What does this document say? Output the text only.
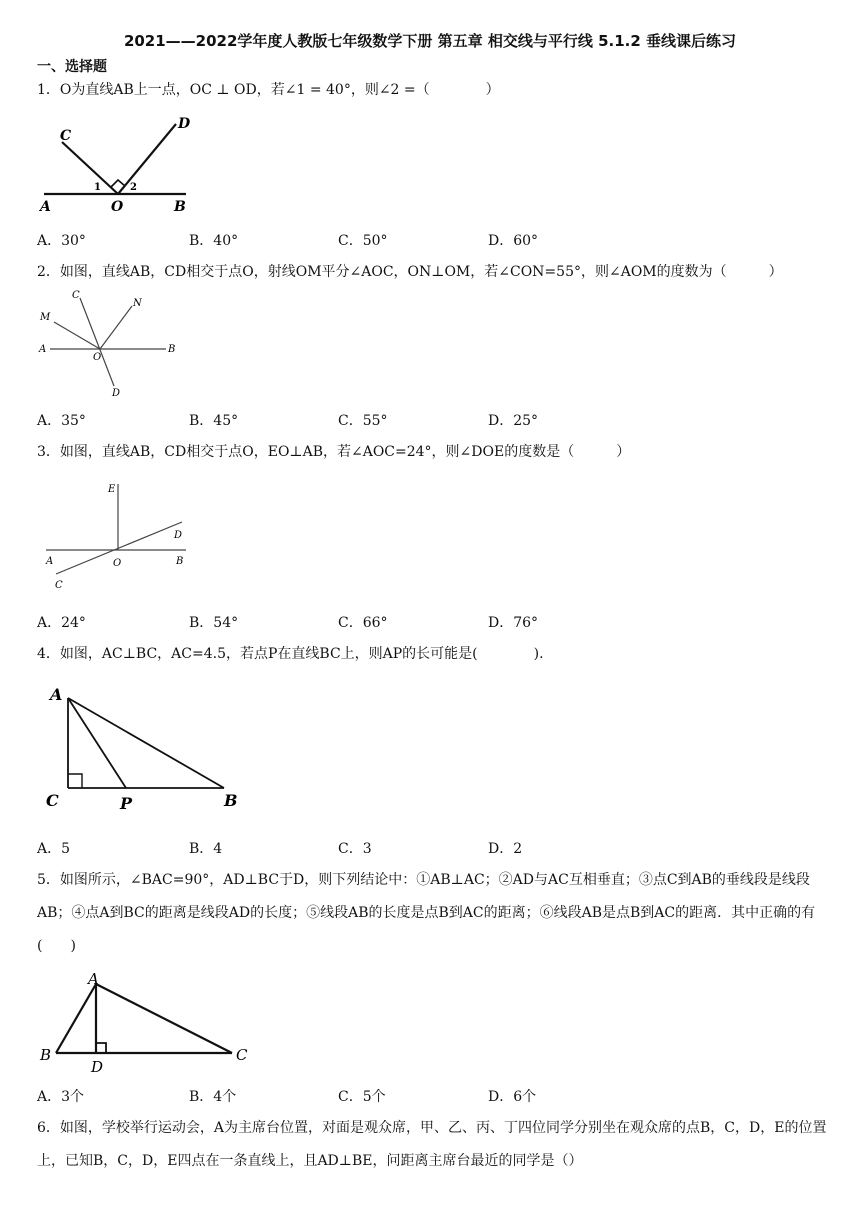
2021——2022学年度人教版七年级数学下册 第五章 相交线与平行线 5.1.2 垂线课后练习
一、选择题
1．O为直线AB上一点，OC ⊥ OD，若∠1 = 40°，则∠2 =（　　　　）
C
D
A	O	B
1	2
A．30°	B．40°	C．50°	D．60°
2．如图，直线AB，CD相交于点O，射线OM平分∠AOC，ON⊥OM，若∠CON=55°，则∠AOM的度数为（　　　）
C
N
M
A
O
B
D
A．35°	B．45°	C．55°	D．25°
3．如图，直线AB，CD相交于点O，EO⊥AB，若∠AOC=24°，则∠DOE的度数是（　　　）
E
D
A	O	B
C
A．24°	B．54°	C．66°	D．76°
4．如图，AC⊥BC，AC=4.5，若点P在直线BC上，则AP的长可能是(　　　　).
A
C	P	B
A．5	B．4	C．3	D．2
5．如图所示，∠BAC=90°，AD⊥BC于D，则下列结论中：①AB⊥AC；②AD与AC互相垂直；③点C到AB的垂线段是线段AB；④点A到BC的距离是线段AD的长度；⑤线段AB的长度是点B到AC的距离；⑥线段AB是点B到AC的距离．其中正确的有(　　)
A
B
D
C
A．3个	B．4个	C．5个	D．6个
6．如图，学校举行运动会，A为主席台位置，对面是观众席，甲、乙、丙、丁四位同学分别坐在观众席的点B，C，D，E的位置上，已知B，C，D，E四点在一条直线上，且AD⊥BE，问距离主席台最近的同学是（）
